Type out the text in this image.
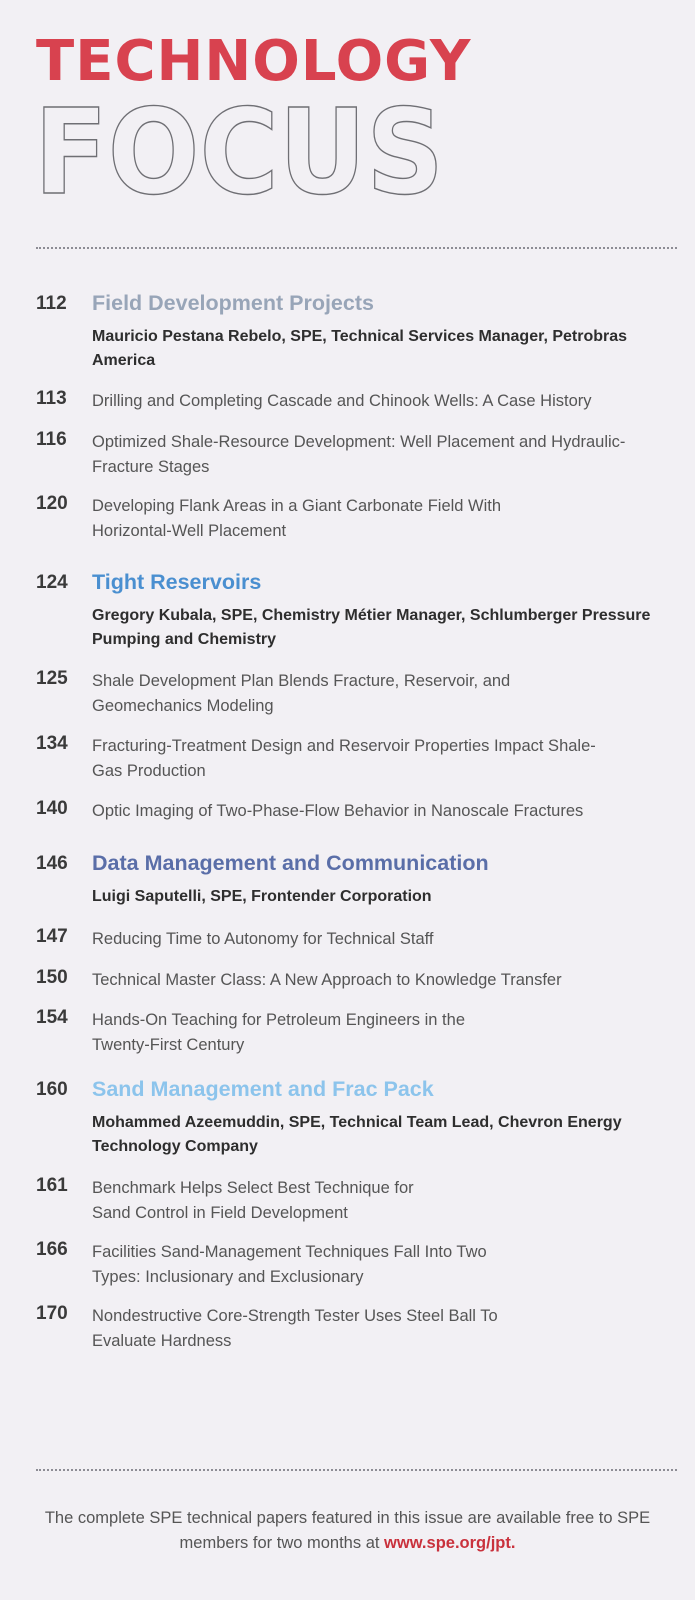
TECHNOLOGY
FOCUS
112	Field Development Projects
Mauricio Pestana Rebelo, SPE, Technical Services Manager, Petrobras America
113	Drilling and Completing Cascade and Chinook Wells: A Case History
116	Optimized Shale-Resource Development: Well Placement and Hydraulic-Fracture Stages
120	Developing Flank Areas in a Giant Carbonate Field With Horizontal-Well Placement
124	Tight Reservoirs
Gregory Kubala, SPE, Chemistry Métier Manager, Schlumberger Pressure Pumping and Chemistry
125	Shale Development Plan Blends Fracture, Reservoir, and Geomechanics Modeling
134	Fracturing-Treatment Design and Reservoir Properties Impact Shale-Gas Production
140	Optic Imaging of Two-Phase-Flow Behavior in Nanoscale Fractures
146	Data Management and Communication
Luigi Saputelli, SPE, Frontender Corporation
147	Reducing Time to Autonomy for Technical Staff
150	Technical Master Class: A New Approach to Knowledge Transfer
154	Hands-On Teaching for Petroleum Engineers in the Twenty-First Century
160	Sand Management and Frac Pack
Mohammed Azeemuddin, SPE, Technical Team Lead, Chevron Energy Technology Company
161	Benchmark Helps Select Best Technique for Sand Control in Field Development
166	Facilities Sand-Management Techniques Fall Into Two Types: Inclusionary and Exclusionary
170	Nondestructive Core-Strength Tester Uses Steel Ball To Evaluate Hardness
The complete SPE technical papers featured in this issue are available free to SPE members for two months at www.spe.org/jpt.
